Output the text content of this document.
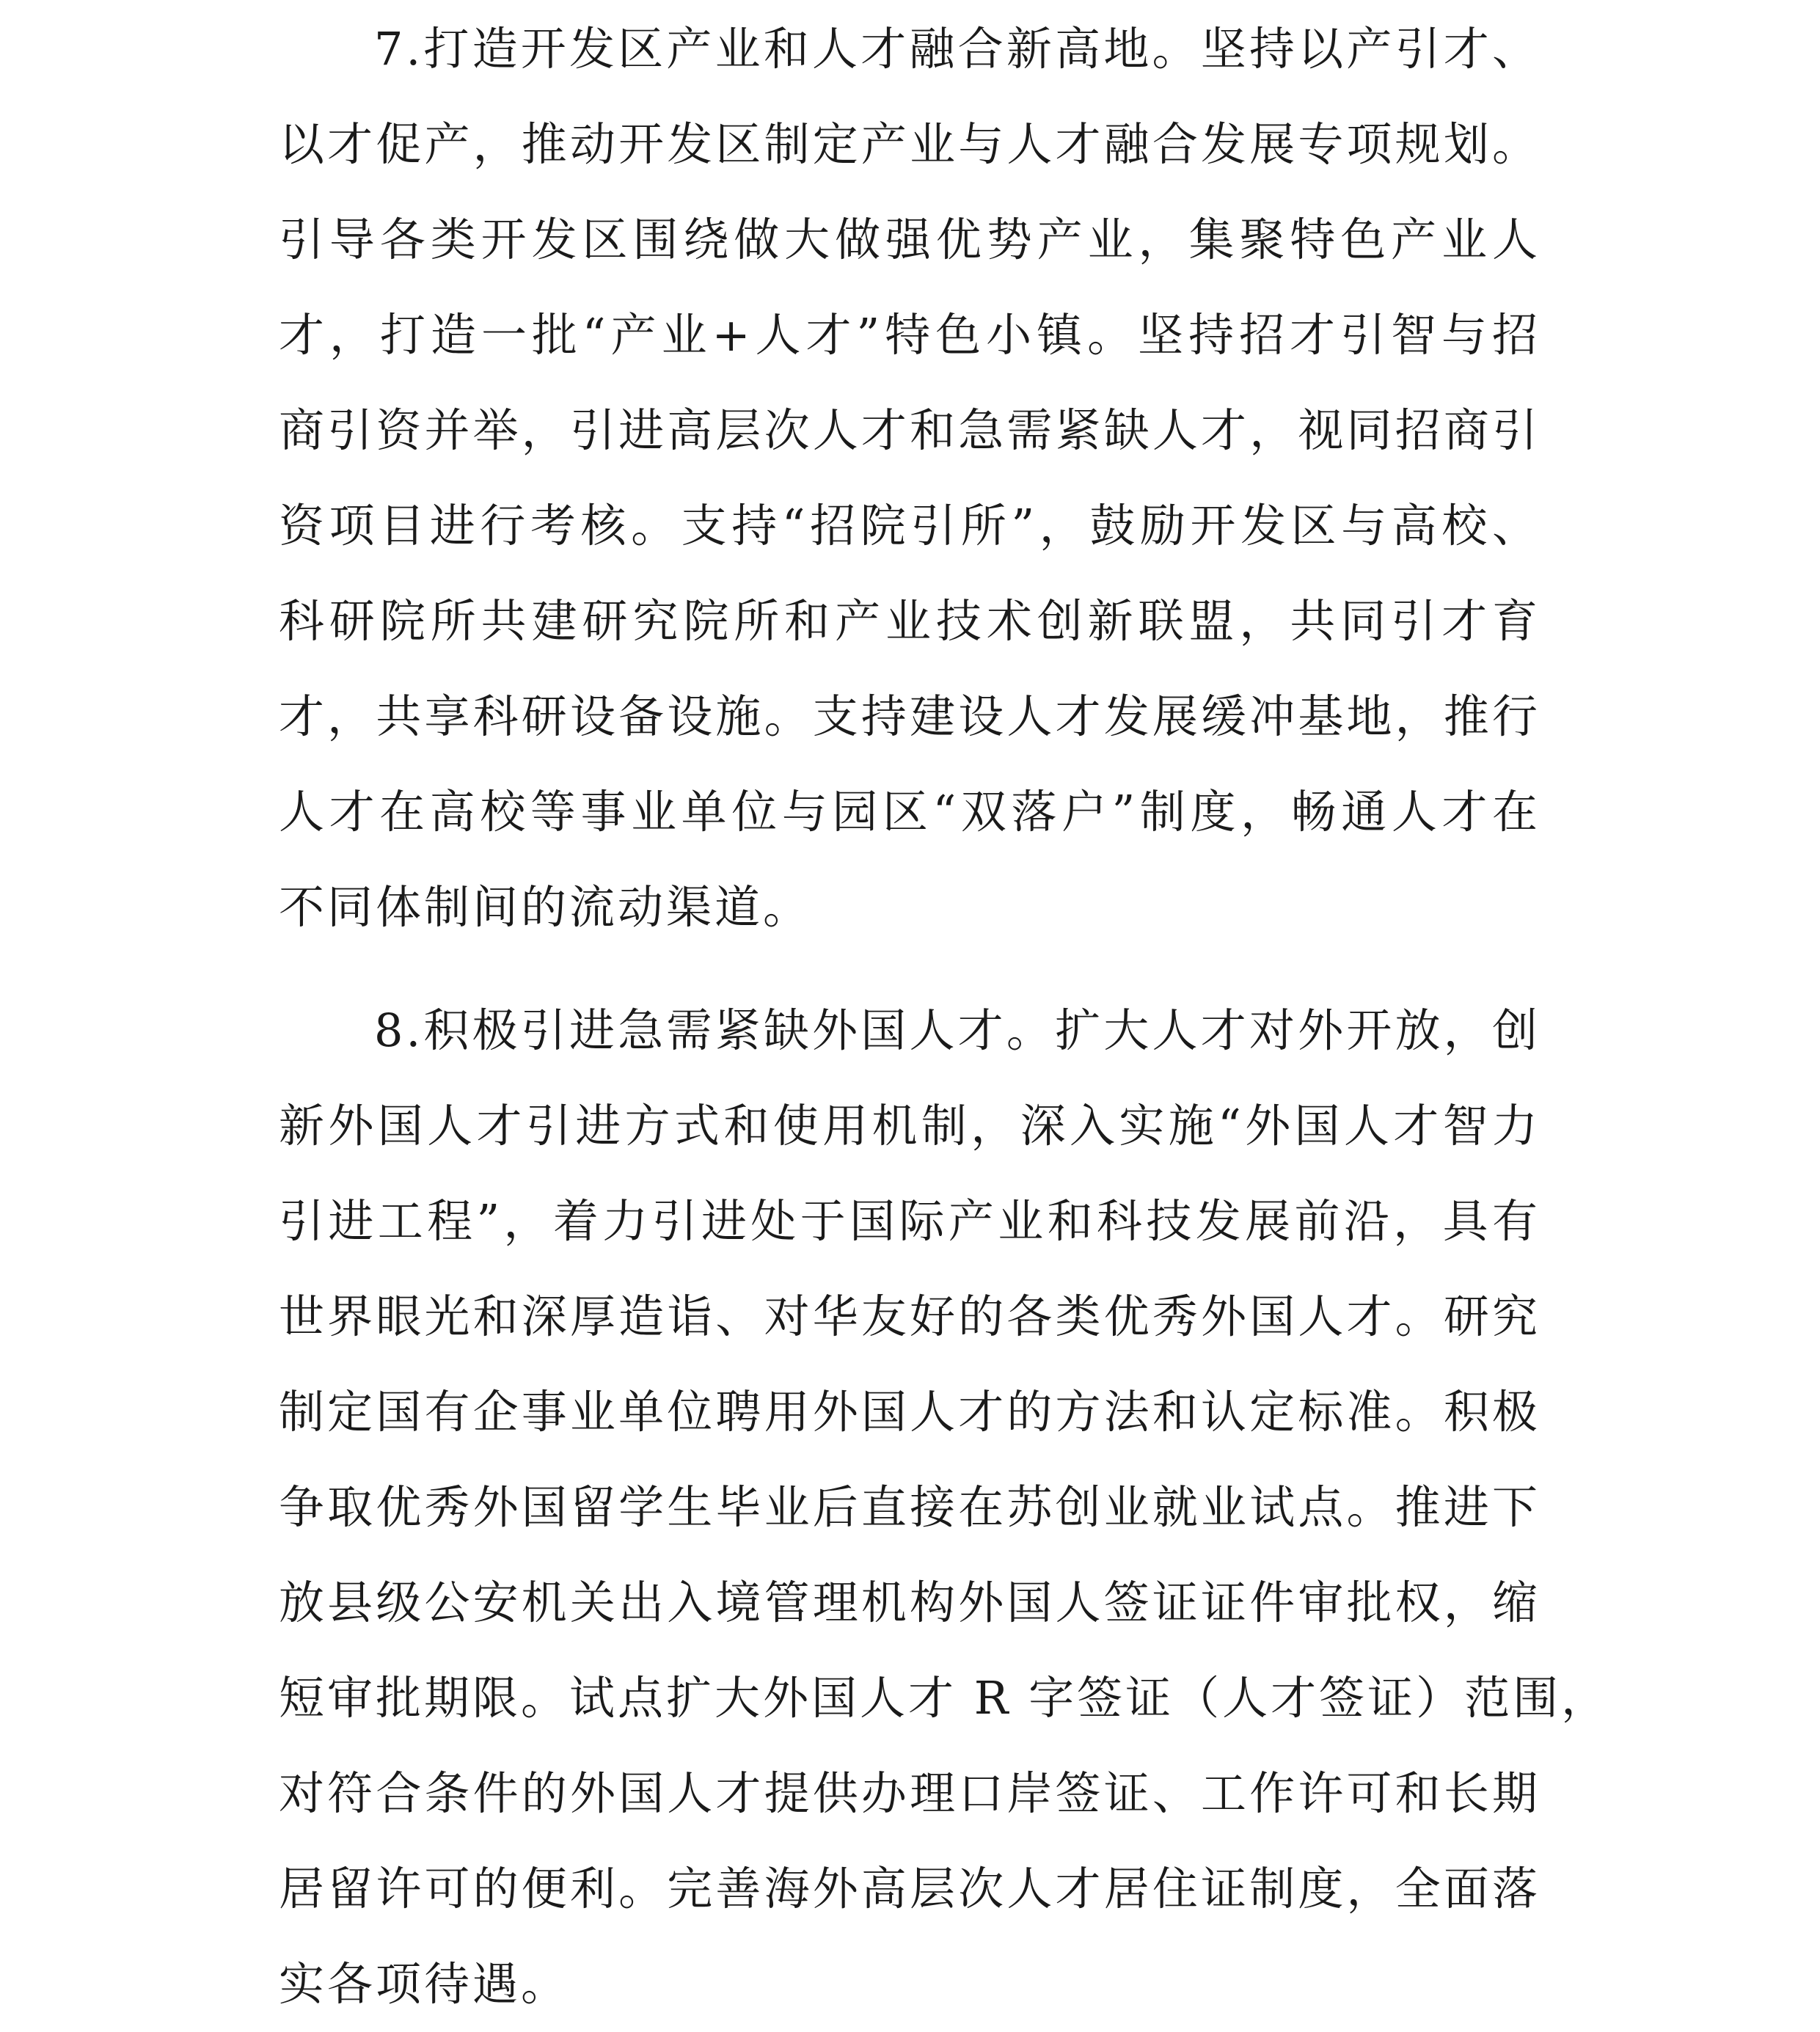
7.打造开发区产业和人才融合新高地。坚持以产引才、
以才促产，推动开发区制定产业与人才融合发展专项规划。
引导各类开发区围绕做大做强优势产业，集聚特色产业人
才，打造一批“产业+人才”特色小镇。坚持招才引智与招
商引资并举，引进高层次人才和急需紧缺人才，视同招商引
资项目进行考核。支持“招院引所”，鼓励开发区与高校、
科研院所共建研究院所和产业技术创新联盟，共同引才育
才，共享科研设备设施。支持建设人才发展缓冲基地，推行
人才在高校等事业单位与园区“双落户”制度，畅通人才在
不同体制间的流动渠道。
8.积极引进急需紧缺外国人才。扩大人才对外开放，创
新外国人才引进方式和使用机制，深入实施“外国人才智力
引进工程”，着力引进处于国际产业和科技发展前沿，具有
世界眼光和深厚造诣、对华友好的各类优秀外国人才。研究
制定国有企事业单位聘用外国人才的方法和认定标准。积极
争取优秀外国留学生毕业后直接在苏创业就业试点。推进下
放县级公安机关出入境管理机构外国人签证证件审批权，缩
短审批期限。试点扩大外国人才 R 字签证（人才签证）范围，
对符合条件的外国人才提供办理口岸签证、工作许可和长期
居留许可的便利。完善海外高层次人才居住证制度，全面落
实各项待遇。
